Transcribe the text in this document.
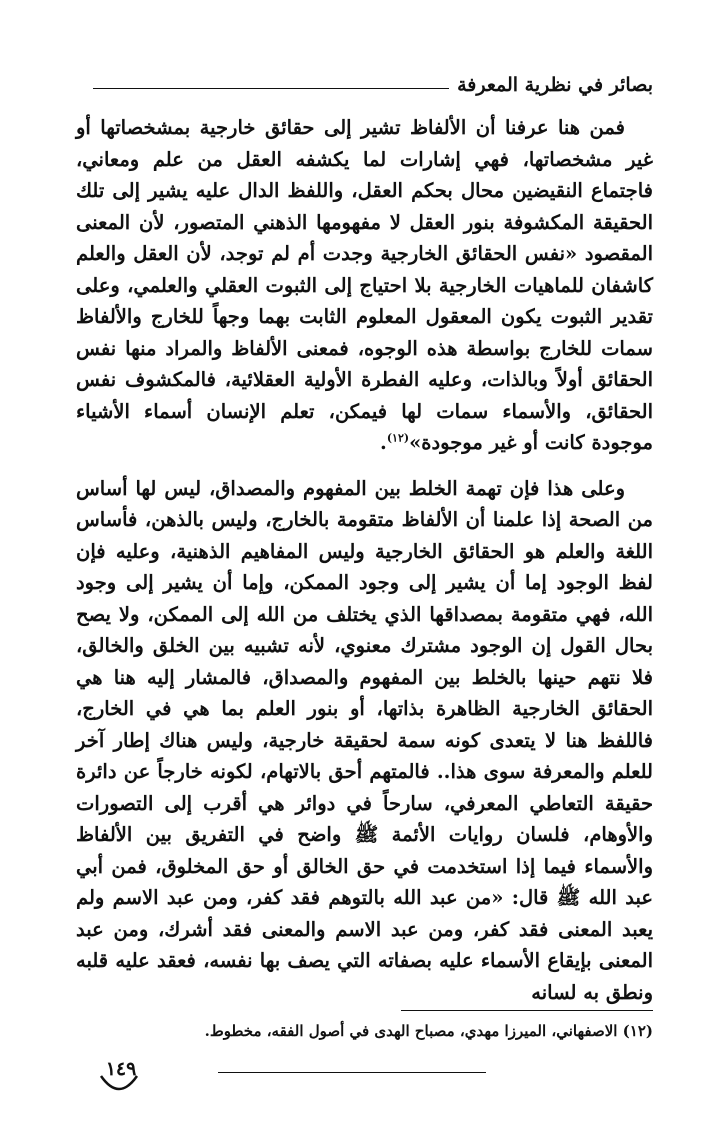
بصائر في نظرية المعرفة

فمن هنا عرفنا أن الألفاظ تشير إلى حقائق خارجية بمشخصاتها أو غير مشخصاتها، فهي إشارات لما يكشفه العقل من علم ومعاني، فاجتماع النقيضين محال بحكم العقل، واللفظ الدال عليه يشير إلى تلك الحقيقة المكشوفة بنور العقل لا مفهومها الذهني المتصور، لأن المعنى المقصود «نفس الحقائق الخارجية وجدت أم لم توجد، لأن العقل والعلم كاشفان للماهيات الخارجية بلا احتياج إلى الثبوت العقلي والعلمي، وعلى تقدير الثبوت يكون المعقول المعلوم الثابت بهما وجهاً للخارج والألفاظ سمات للخارج بواسطة هذه الوجوه، فمعنى الألفاظ والمراد منها نفس الحقائق أولاً وبالذات، وعليه الفطرة الأولية العقلائية، فالمكشوف نفس الحقائق، والأسماء سمات لها فيمكن، تعلم الإنسان أسماء الأشياء موجودة كانت أو غير موجودة»$^{(١٢)}$.

وعلى هذا فإن تهمة الخلط بين المفهوم والمصداق، ليس لها أساس من الصحة إذا علمنا أن الألفاظ متقومة بالخارج، وليس بالذهن، فأساس اللغة والعلم هو الحقائق الخارجية وليس المفاهيم الذهنية، وعليه فإن لفظ الوجود إما أن يشير إلى وجود الممكن، وإما أن يشير إلى وجود الله، فهي متقومة بمصداقها الذي يختلف من الله إلى الممكن، ولا يصح بحال القول إن الوجود مشترك معنوي، لأنه تشبيه بين الخلق والخالق، فلا نتهم حينها بالخلط بين المفهوم والمصداق، فالمشار إليه هنا هي الحقائق الخارجية الظاهرة بذاتها، أو بنور العلم بما هي في الخارج، فاللفظ هنا لا يتعدى كونه سمة لحقيقة خارجية، وليس هناك إطار آخر للعلم والمعرفة سوى هذا.. فالمتهم أحق بالاتهام، لكونه خارجاً عن دائرة حقيقة التعاطي المعرفي، سارحاً في دوائر هي أقرب إلى التصورات والأوهام، فلسان روايات الأئمة ﷺ واضح في التفريق بين الألفاظ والأسماء فيما إذا استخدمت في حق الخالق أو حق المخلوق، فمن أبي عبد الله ﷺ قال: «من عبد الله بالتوهم فقد كفر، ومن عبد الاسم ولم يعبد المعنى فقد كفر، ومن عبد الاسم والمعنى فقد أشرك، ومن عبد المعنى بإيقاع الأسماء عليه بصفاته التي يصف بها نفسه، فعقد عليه قلبه ونطق به لسانه

(١٢) الاصفهاني، الميرزا مهدي، مصباح الهدى في أصول الفقه، مخطوط.
١٤٩
